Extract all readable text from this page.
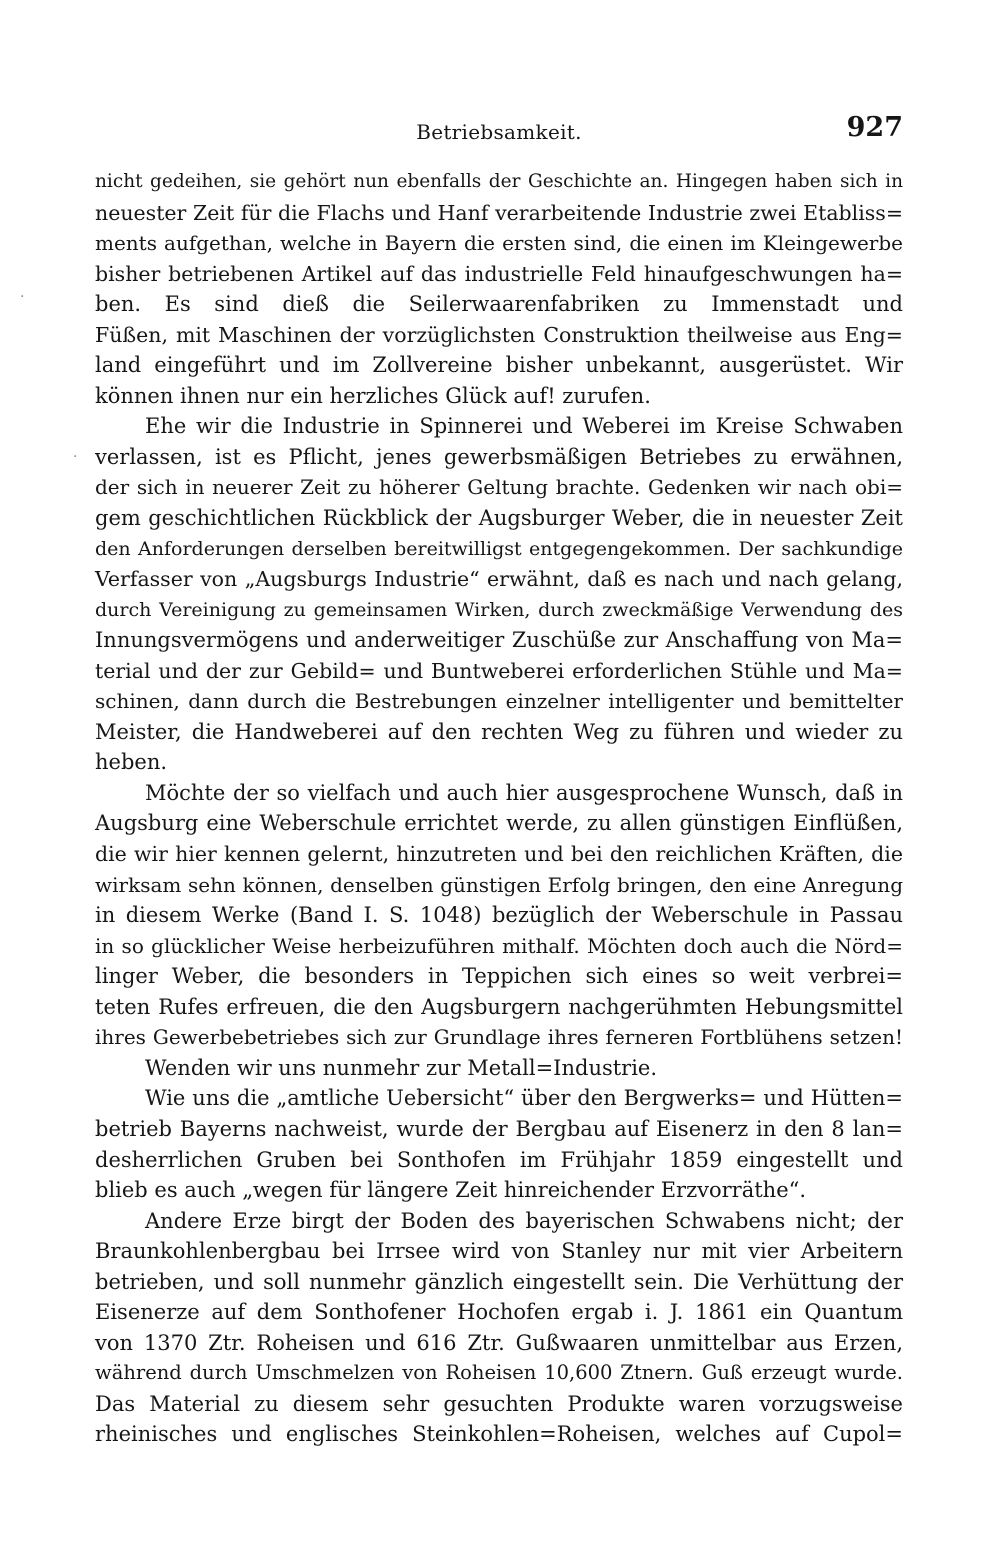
Betriebsamkeit.	927
·
·
nicht gedeihen, sie gehört nun ebenfalls der Geschichte an. Hingegen haben sich in
neuester Zeit für die Flachs und Hanf verarbeitende Industrie zwei Etabliss=
ments aufgethan, welche in Bayern die ersten sind, die einen im Kleingewerbe
bisher betriebenen Artikel auf das industrielle Feld hinaufgeschwungen ha=
ben. Es sind dieß die Seilerwaarenfabriken zu Immenstadt und
Füßen, mit Maschinen der vorzüglichsten Construktion theilweise aus Eng=
land eingeführt und im Zollvereine bisher unbekannt, ausgerüstet. Wir
können ihnen nur ein herzliches Glück auf! zurufen.
Ehe wir die Industrie in Spinnerei und Weberei im Kreise Schwaben
verlassen, ist es Pflicht, jenes gewerbsmäßigen Betriebes zu erwähnen,
der sich in neuerer Zeit zu höherer Geltung brachte. Gedenken wir nach obi=
gem geschichtlichen Rückblick der Augsburger Weber, die in neuester Zeit
den Anforderungen derselben bereitwilligst entgegengekommen. Der sachkundige
Verfasser von „Augsburgs Industrie“ erwähnt, daß es nach und nach gelang,
durch Vereinigung zu gemeinsamen Wirken, durch zweckmäßige Verwendung des
Innungsvermögens und anderweitiger Zuschüße zur Anschaffung von Ma=
terial und der zur Gebild= und Buntweberei erforderlichen Stühle und Ma=
schinen, dann durch die Bestrebungen einzelner intelligenter und bemittelter
Meister, die Handweberei auf den rechten Weg zu führen und wieder zu
heben.
Möchte der so vielfach und auch hier ausgesprochene Wunsch, daß in
Augsburg eine Weberschule errichtet werde, zu allen günstigen Einflüßen,
die wir hier kennen gelernt, hinzutreten und bei den reichlichen Kräften, die
wirksam sehn können, denselben günstigen Erfolg bringen, den eine Anregung
in diesem Werke (Band I. S. 1048) bezüglich der Weberschule in Passau
in so glücklicher Weise herbeizuführen mithalf. Möchten doch auch die Nörd=
linger Weber, die besonders in Teppichen sich eines so weit verbrei=
teten Rufes erfreuen, die den Augsburgern nachgerühmten Hebungsmittel
ihres Gewerbebetriebes sich zur Grundlage ihres ferneren Fortblühens setzen!
Wenden wir uns nunmehr zur Metall=Industrie.
Wie uns die „amtliche Uebersicht“ über den Bergwerks= und Hütten=
betrieb Bayerns nachweist, wurde der Bergbau auf Eisenerz in den 8 lan=
desherrlichen Gruben bei Sonthofen im Frühjahr 1859 eingestellt und
blieb es auch „wegen für längere Zeit hinreichender Erzvorräthe“.
Andere Erze birgt der Boden des bayerischen Schwabens nicht; der
Braunkohlenbergbau bei Irrsee wird von Stanley nur mit vier Arbeitern
betrieben, und soll nunmehr gänzlich eingestellt sein. Die Verhüttung der
Eisenerze auf dem Sonthofener Hochofen ergab i. J. 1861 ein Quantum
von 1370 Ztr. Roheisen und 616 Ztr. Gußwaaren unmittelbar aus Erzen,
während durch Umschmelzen von Roheisen 10,600 Ztnern. Guß erzeugt wurde.
Das Material zu diesem sehr gesuchten Produkte waren vorzugsweise
rheinisches und englisches Steinkohlen=Roheisen, welches auf Cupol=
